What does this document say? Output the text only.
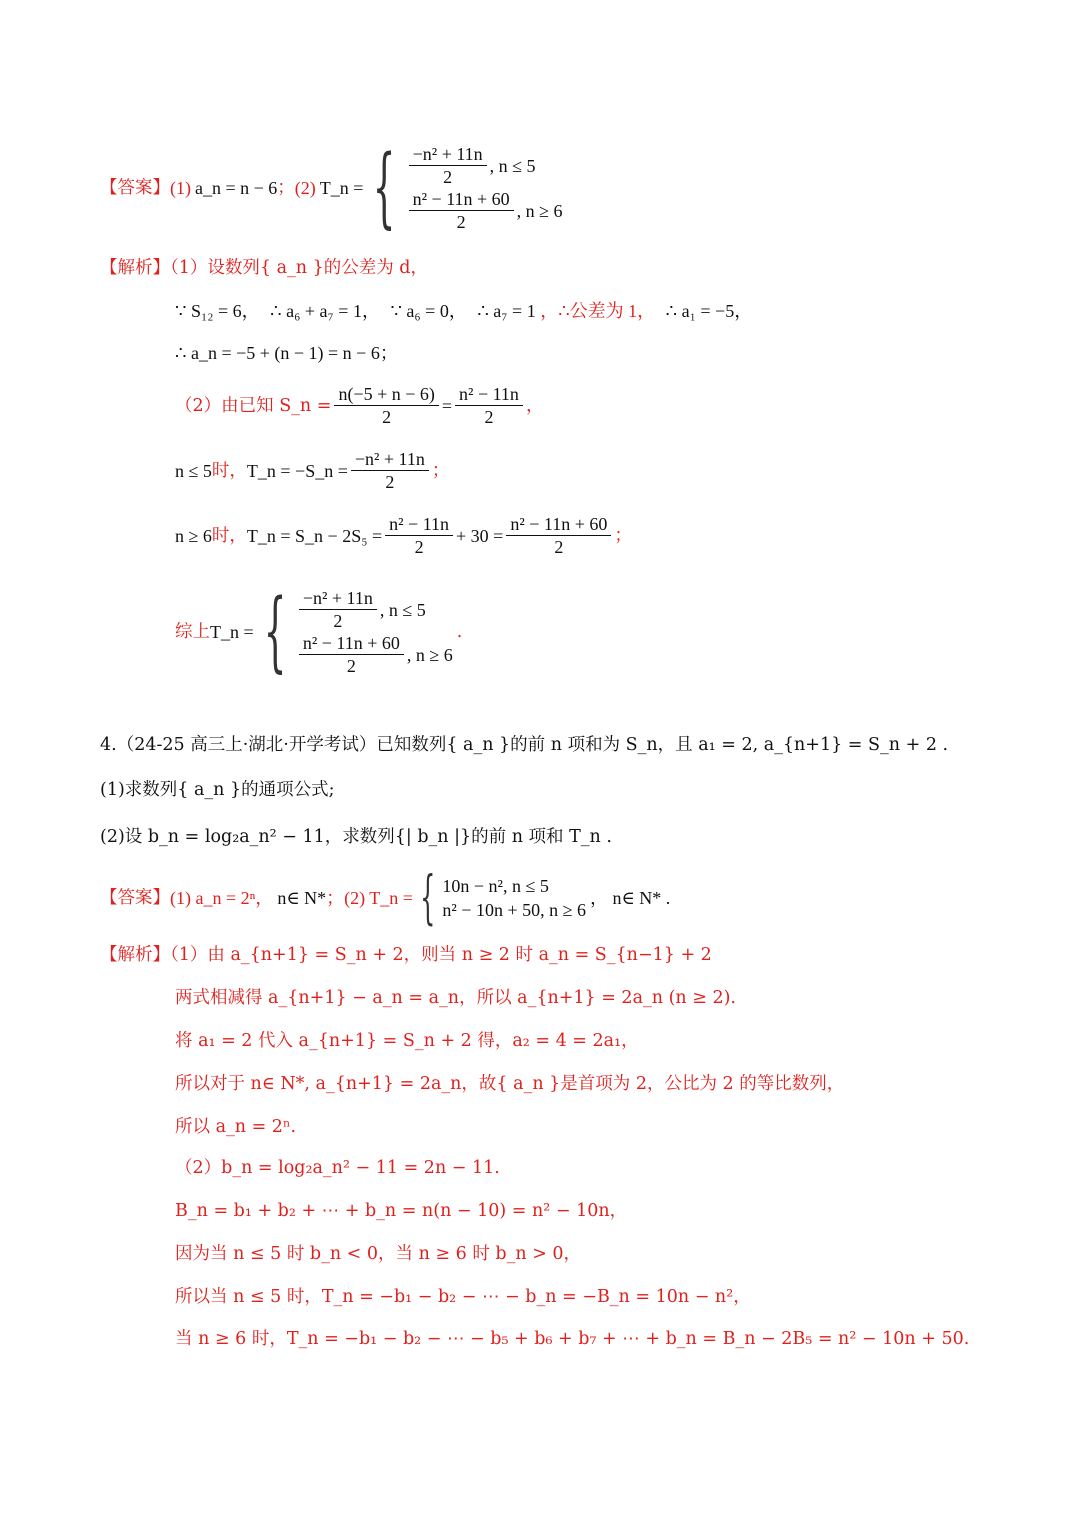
【答案】 (1) a_n = n − 6 ； (2) T_n = { $\frac{\text{−n² + 11n}}{2}$ , n ≤ 5
$\frac{\text{n² − 11n + 60}}{2}$ , n ≥ 6
【解析】（1）设数列{ a_n }的公差为 d，
∵ S₁₂ = 6， ∴ a₆ + a₇ = 1， ∵ a₆ = 0， ∴ a₇ = 1 ，∴公差为 1， ∴ a₁ = −5，
∴ a_n = −5 + (n − 1) = n − 6；
（2）由已知 S_n = $\frac{n(-5 + n - 6)}{2} = \frac{\text{n² − 11n}}{2}$ ，
n ≤ 5 时， T_n = −S_n = $\frac{\text{−n² + 11n}}{2}$ ；
n ≥ 6 时， T_n = S_n − $2S_5 = \frac{\text{n² − 11n}}{2} + 30 = \frac{\text{n² − 11n + 60}}{2}$ ；
综上 T_n = { $\frac{\text{−n² + 11n}}{2}$ , n ≤ 5
$\frac{\text{n² − 11n + 60}}{2}$ , n ≥ 6
.
4.（24-25 高三上·湖北·开学考试）已知数列{ a_n }的前 n 项和为 S_n，且 a₁ = 2, a_{n+1} = S_n + 2 .
(1)求数列{ a_n }的通项公式;
(2)设 b_n = log₂a_n² − 11，求数列{| b_n |}的前 n 项和 T_n .
【答案】 (1) a_n = 2ⁿ， n∈ N* ；(2) T_n = { 10n − n², n ≤ 5
n² − 10n + 50, n ≥ 6
， n∈ N* .
【解析】（1）由 a_{n+1} = S_n + 2，则当 n ≥ 2 时 a_n = S_{n−1} + 2
两式相减得 a_{n+1} − a_n = a_n，所以 a_{n+1} = 2a_n (n ≥ 2).
将 a₁ = 2 代入 a_{n+1} = S_n + 2 得，a₂ = 4 = 2a₁，
所以对于 n∈ N*, a_{n+1} = 2a_n，故{ a_n }是首项为 2，公比为 2 的等比数列，
所以 a_n = 2ⁿ.
（2）b_n = log₂a_n² − 11 = 2n − 11.
B_n = b₁ + b₂ + ⋯ + b_n = n(n − 10) = n² − 10n，
因为当 n ≤ 5 时 b_n < 0，当 n ≥ 6 时 b_n > 0，
所以当 n ≤ 5 时，T_n = −b₁ − b₂ − ⋯ − b_n = −B_n = 10n − n²，
当 n ≥ 6 时，T_n = −b₁ − b₂ − ⋯ − b₅ + b₆ + b₇ + ⋯ + b_n = B_n − 2B₅ = n² − 10n + 50.
